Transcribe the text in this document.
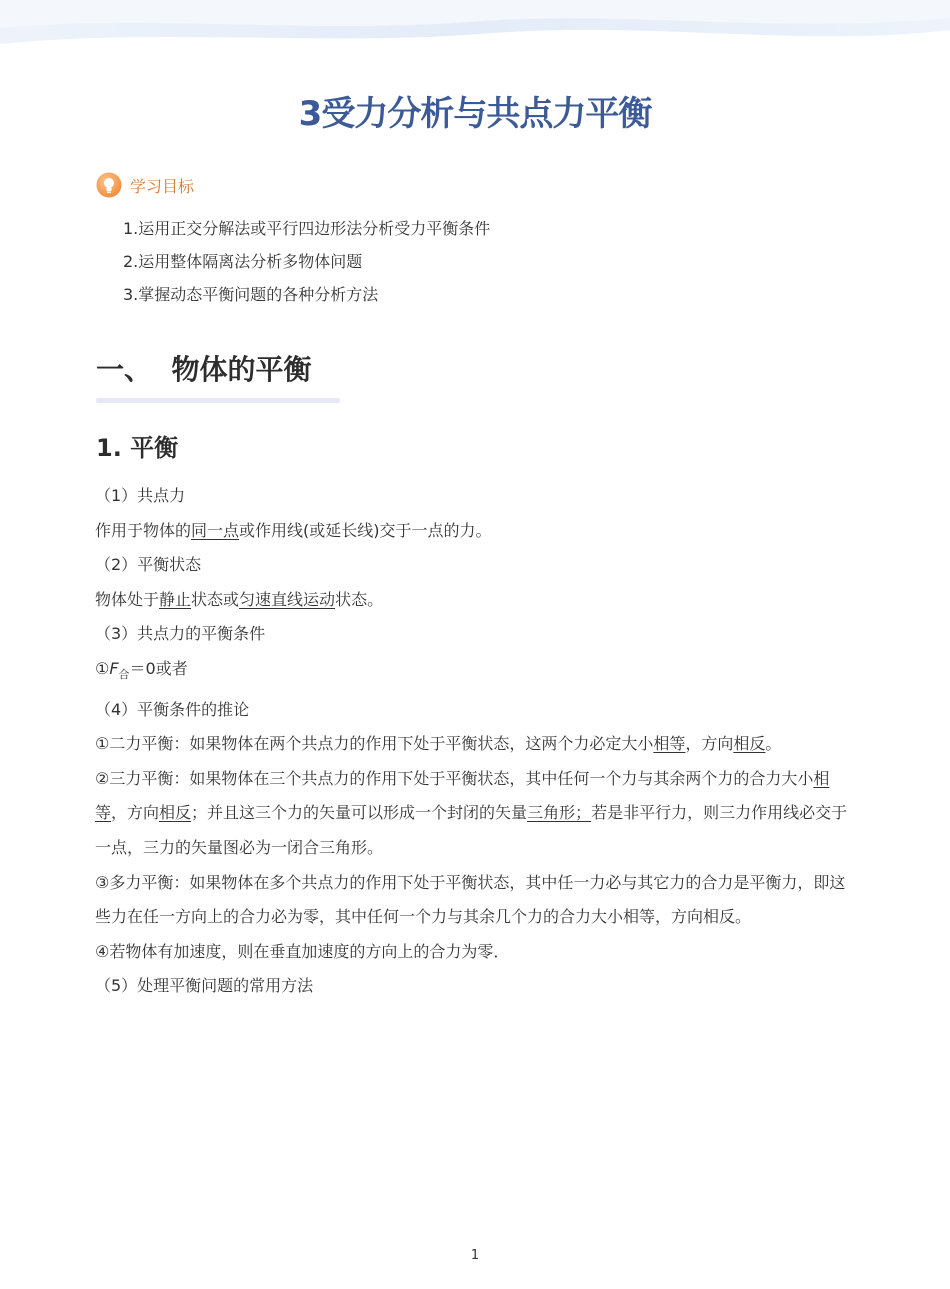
3受力分析与共点力平衡
学习目标
1.运用正交分解法或平行四边形法分析受力平衡条件
2.运用整体隔离法分析多物体问题
3.掌握动态平衡问题的各种分析方法
一、  物体的平衡
1. 平衡

（1）共点力

作用于物体的同一点或作用线(或延长线)交于一点的力。

（2）平衡状态

物体处于静止状态或匀速直线运动状态。

（3）共点力的平衡条件

$①F_合=0$或者

（4）平衡条件的推论

①二力平衡：如果物体在两个共点力的作用下处于平衡状态，这两个力必定大小相等，方向相反。

②三力平衡：如果物体在三个共点力的作用下处于平衡状态，其中任何一个力与其余两个力的合力大小相等，方向相反；并且这三个力的矢量可以形成一个封闭的矢量三角形；若是非平行力，则三力作用线必交于一点，三力的矢量图必为一闭合三角形。

③多力平衡：如果物体在多个共点力的作用下处于平衡状态，其中任一力必与其它力的合力是平衡力，即这些力在任一方向上的合力必为零，其中任何一个力与其余几个力的合力大小相等，方向相反。

④若物体有加速度，则在垂直加速度的方向上的合力为零．

（5）处理平衡问题的常用方法

1
